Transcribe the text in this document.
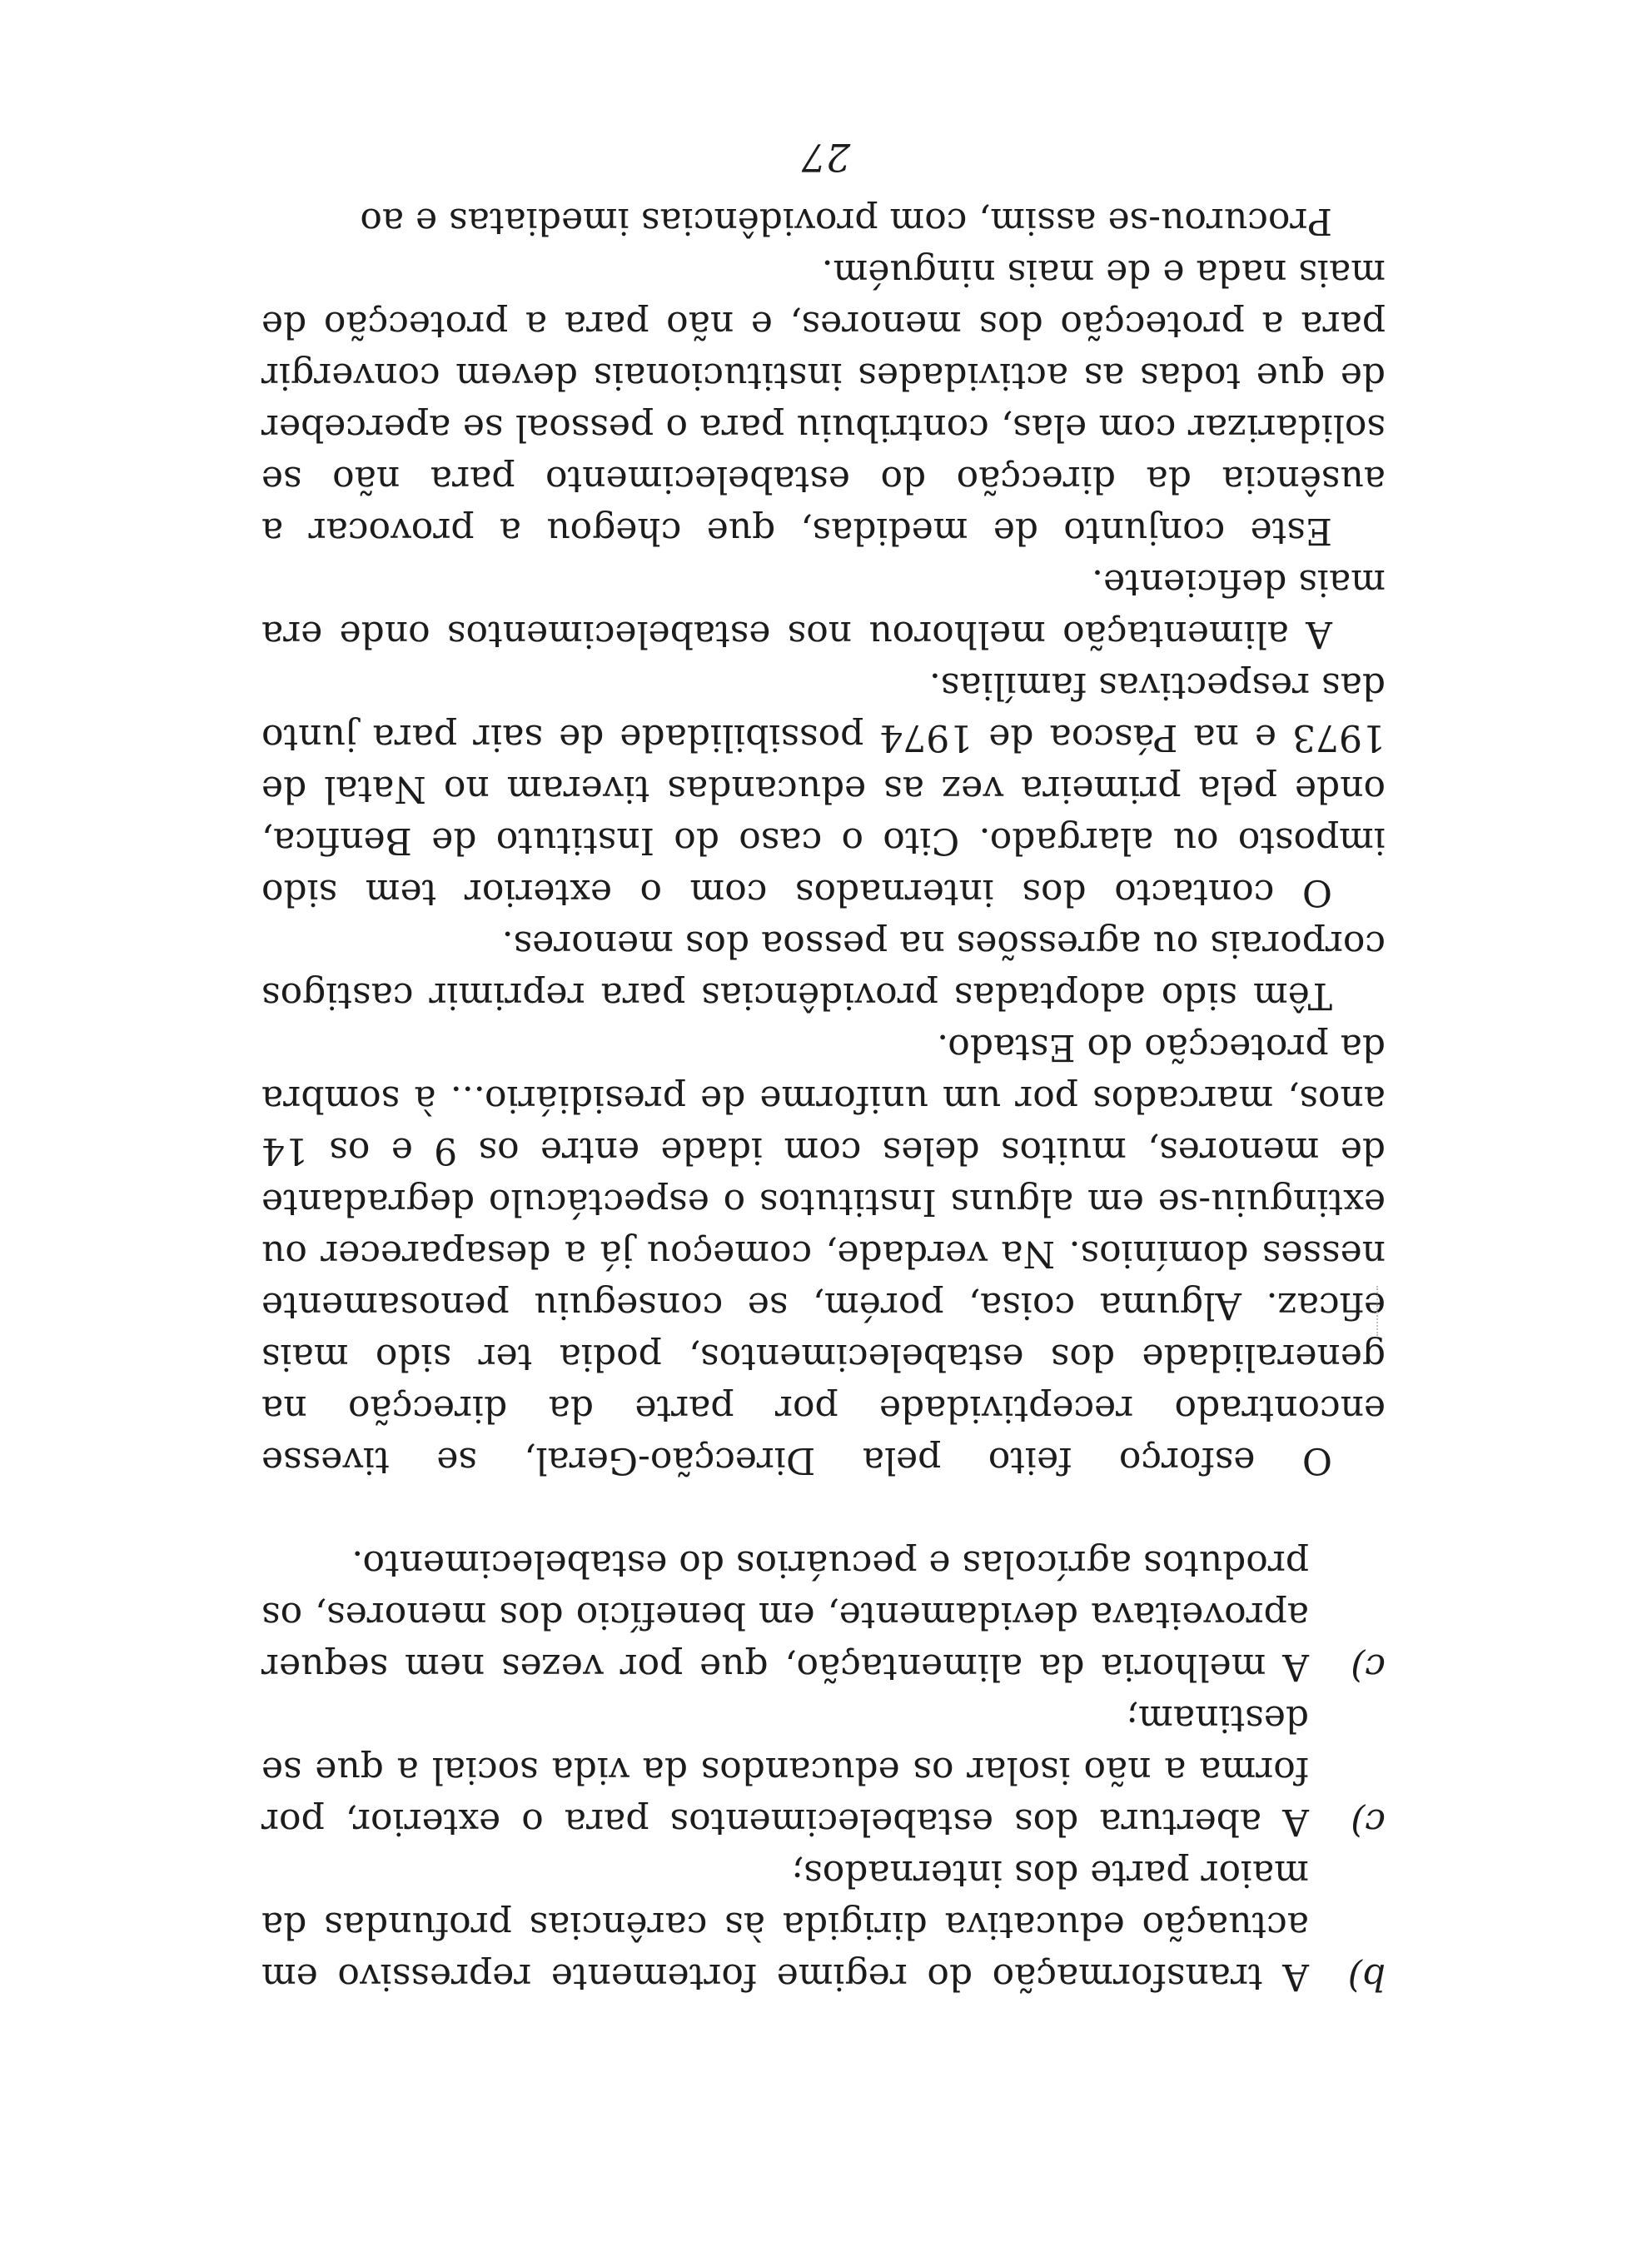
b)
A transformação do regime fortemente repressivo em actuação educativa dirigida às carências profundas da maior parte dos internados;

c)
A abertura dos estabelecimentos para o exterior, por forma a não isolar os educandos da vida social a que se destinam;

c)
A melhoria da alimentação, que por vezes nem sequer aproveitava devidamente, em benefício dos menores, os produtos agrícolas e pecuários do estabelecimento.

O esforço feito pela Direcção-Geral, se tivesse encontrado receptividade por parte da direcção na generalidade dos estabelecimentos, podia ter sido mais eficaz. Alguma coisa, porém, se conseguiu penosamente nesses domínios. Na verdade, começou já a desaparecer ou extinguiu-se em alguns Institutos o espectáculo degradante de menores, muitos deles com idade entre os 9 e os 14 anos, marcados por um uniforme de presidiário... à sombra da protecção do Estado.

Têm sido adoptadas providências para reprimir castigos corporais ou agressões na pessoa dos menores.

O contacto dos internados com o exterior tem sido imposto ou alargado. Cito o caso do Instituto de Benfica, onde pela primeira vez as educandas tiveram no Natal de 1973 e na Páscoa de 1974 possibilidade de sair para junto das respectivas famílias.

A alimentação melhorou nos estabelecimentos onde era mais deficiente.

Este conjunto de medidas, que chegou a provocar a ausência da direcção do estabelecimento para não se solidarizar com elas, contribuiu para o pessoal se aperceber de que todas as actividades institucionais devem convergir para a protecção dos menores, e não para a protecção de mais nada e de mais ninguém.

Procurou-se assim, com providências imediatas e ao

27
